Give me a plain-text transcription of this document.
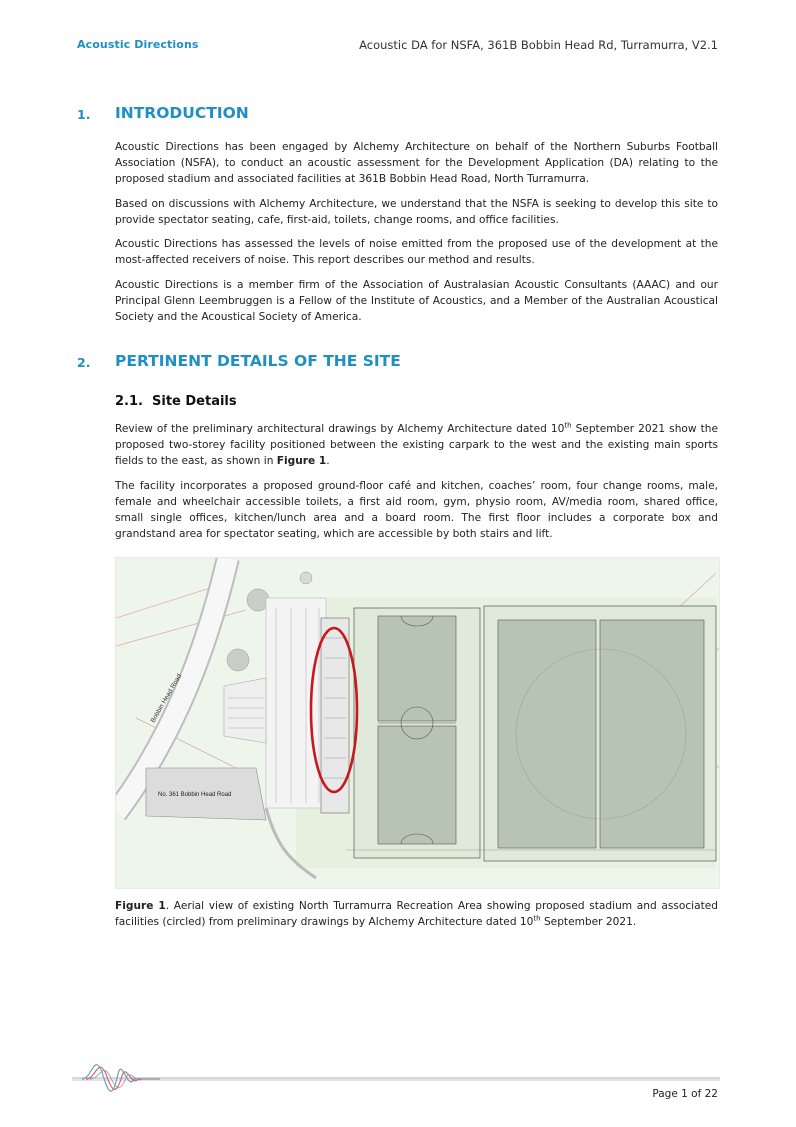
Acoustic Directions	Acoustic DA for NSFA, 361B Bobbin Head Rd, Turramurra, V2.1
1.	INTRODUCTION

Acoustic Directions has been engaged by Alchemy Architecture on behalf of the Northern Suburbs Football Association (NSFA), to conduct an acoustic assessment for the Development Application (DA) relating to the proposed stadium and associated facilities at 361B Bobbin Head Road, North Turramurra.

Based on discussions with Alchemy Architecture, we understand that the NSFA is seeking to develop this site to provide spectator seating, cafe, first-aid, toilets, change rooms, and office facilities.

Acoustic Directions has assessed the levels of noise emitted from the proposed use of the development at the most-affected receivers of noise. This report describes our method and results.

Acoustic Directions is a member firm of the Association of Australasian Acoustic Consultants (AAAC) and our Principal Glenn Leembruggen is a Fellow of the Institute of Acoustics, and a Member of the Australian Acoustical Society and the Acoustical Society of America.

2.	PERTINENT DETAILS OF THE SITE
2.1. Site Details

Review of the preliminary architectural drawings by Alchemy Architecture dated 10th September 2021 show the proposed two-storey facility positioned between the existing carpark to the west and the existing main sports fields to the east, as shown in Figure 1.

The facility incorporates a proposed ground-floor café and kitchen, coaches’ room, four change rooms, male, female and wheelchair accessible toilets, a first aid room, gym, physio room, AV/media room, shared office, small single offices, kitchen/lunch area and a board room. The first floor includes a corporate box and grandstand area for spectator seating, which are accessible by both stairs and lift.

Bobbin Head Road
No. 361 Bobbin Head Road
Figure 1. Aerial view of existing North Turramurra Recreation Area showing proposed stadium and associated facilities (circled) from preliminary drawings by Alchemy Architecture dated 10th September 2021.
Page 1 of 22
